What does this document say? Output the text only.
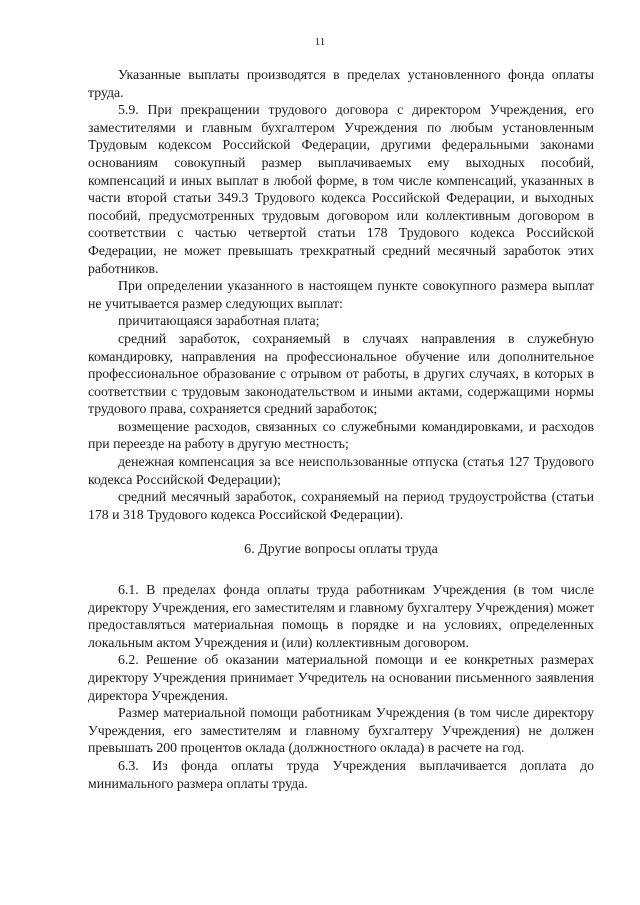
11

Указанные выплаты производятся в пределах установленного фонда оплаты труда.

5.9. При прекращении трудового договора с директором Учреждения, его заместителями и главным бухгалтером Учреждения по любым установленным Трудовым кодексом Российской Федерации, другими федеральными законами основаниям совокупный размер выплачиваемых ему выходных пособий, компенсаций и иных выплат в любой форме, в том числе компенсаций, указанных в части второй статьи 349.3 Трудового кодекса Российской Федерации, и выходных пособий, предусмотренных трудовым договором или коллективным договором в соответствии с частью четвертой статьи 178 Трудового кодекса Российской Федерации, не может превышать трехкратный средний месячный заработок этих работников.

При определении указанного в настоящем пункте совокупного размера выплат не учитывается размер следующих выплат:

причитающаяся заработная плата;

средний заработок, сохраняемый в случаях направления в служебную командировку, направления на профессиональное обучение или дополнительное профессиональное образование с отрывом от работы, в других случаях, в которых в соответствии с трудовым законодательством и иными актами, содержащими нормы трудового права, сохраняется средний заработок;

возмещение расходов, связанных со служебными командировками, и расходов при переезде на работу в другую местность;

денежная компенсация за все неиспользованные отпуска (статья 127 Трудового кодекса Российской Федерации);

средний месячный заработок, сохраняемый на период трудоустройства (статьи 178 и 318 Трудового кодекса Российской Федерации).

6. Другие вопросы оплаты труда

6.1. В пределах фонда оплаты труда работникам Учреждения (в том числе директору Учреждения, его заместителям и главному бухгалтеру Учреждения) может предоставляться материальная помощь в порядке и на условиях, определенных локальным актом Учреждения и (или) коллективным договором.

6.2. Решение об оказании материальной помощи и ее конкретных размерах директору Учреждения принимает Учредитель на основании письменного заявления директора Учреждения.

Размер материальной помощи работникам Учреждения (в том числе директору Учреждения, его заместителям и главному бухгалтеру Учреждения) не должен превышать 200 процентов оклада (должностного оклада) в расчете на год.

6.3. Из фонда оплаты труда Учреждения выплачивается доплата до минимального размера оплаты труда.
